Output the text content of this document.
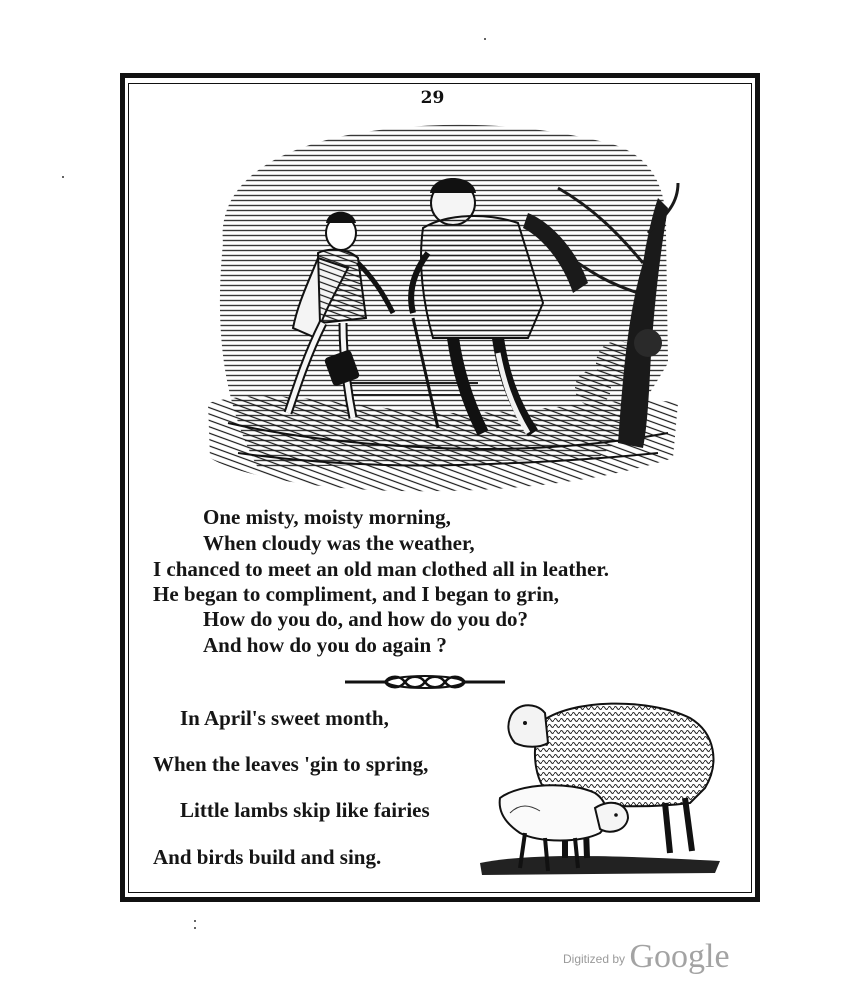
29
One misty, moisty morning,
When cloudy was the weather,
I chanced to meet an old man clothed all in leather.
He began to compliment, and I began to grin,
How do you do, and how do you do?
And how do you do again ?
In April's sweet month,
When the leaves 'gin to spring,
Little lambs skip like fairies
And birds build and sing.
$^{Digitized by}$ Google
